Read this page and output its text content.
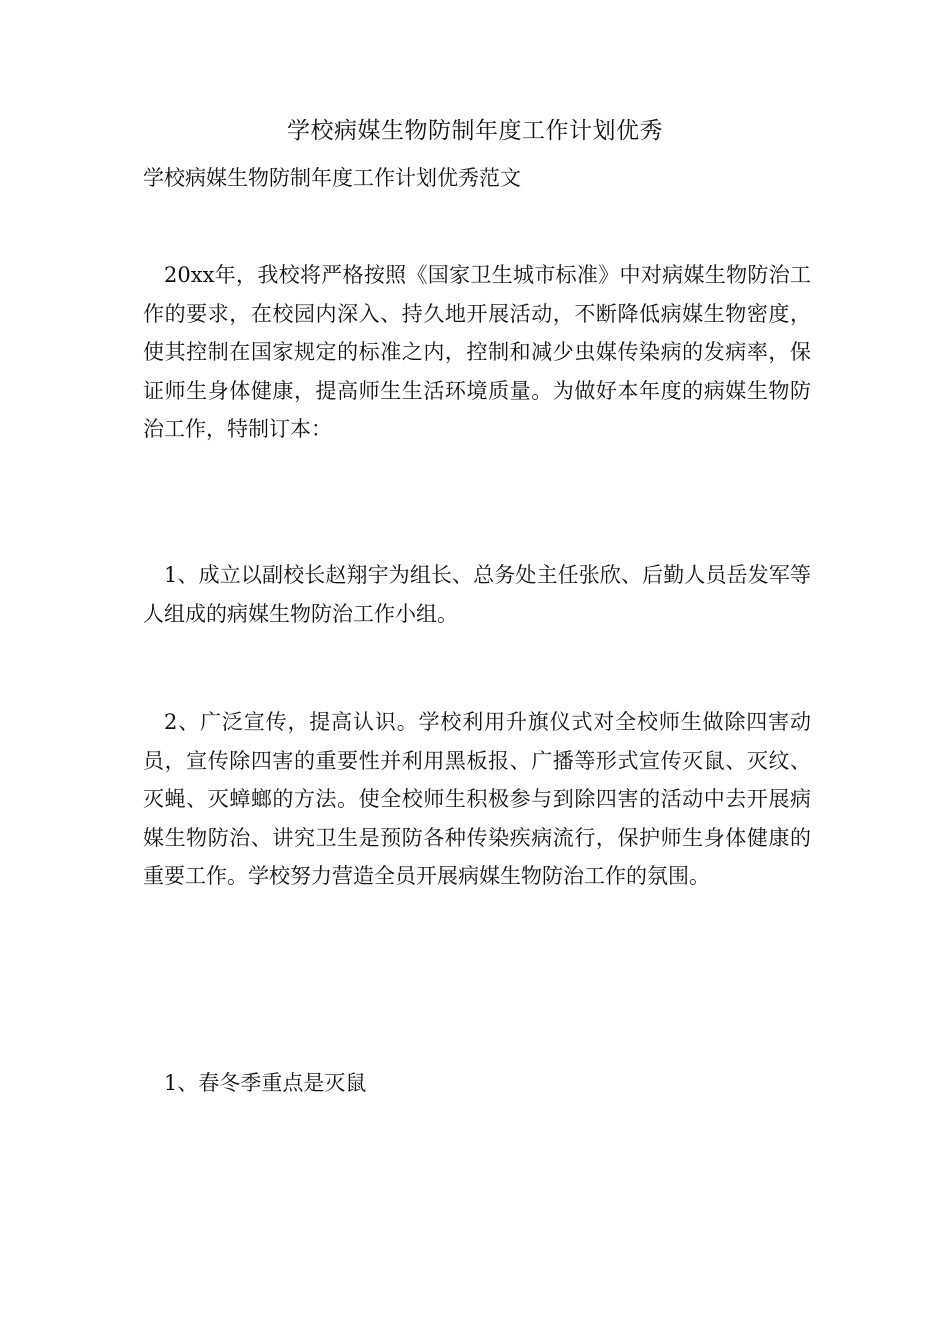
学校病媒生物防制年度工作计划优秀
学校病媒生物防制年度工作计划优秀范文

20xx年，我校将严格按照《国家卫生城市标准》中对病媒生物防治工作的要求，在校园内深入、持久地开展活动，不断降低病媒生物密度，使其控制在国家规定的标准之内，控制和减少虫媒传染病的发病率，保证师生身体健康，提高师生生活环境质量。为做好本年度的病媒生物防治工作，特制订本：

1、成立以副校长赵翔宇为组长、总务处主任张欣、后勤人员岳发军等人组成的病媒生物防治工作小组。

2、广泛宣传，提高认识。学校利用升旗仪式对全校师生做除四害动员，宣传除四害的重要性并利用黑板报、广播等形式宣传灭鼠、灭纹、灭蝇、灭蟑螂的方法。使全校师生积极参与到除四害的活动中去开展病媒生物防治、讲究卫生是预防各种传染疾病流行，保护师生身体健康的重要工作。学校努力营造全员开展病媒生物防治工作的氛围。

1、春冬季重点是灭鼠
